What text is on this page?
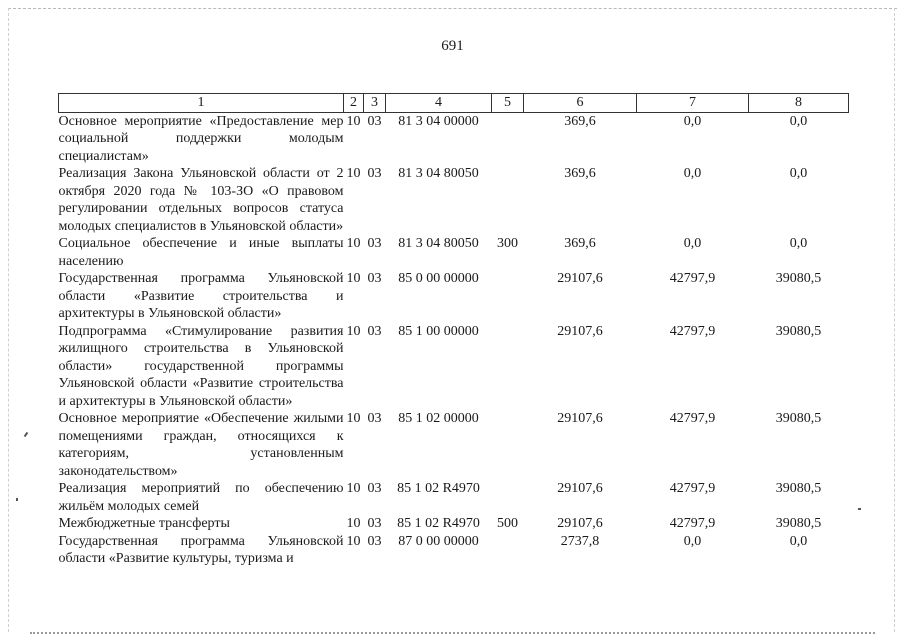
691
1	2	3	4	5	6	7	8
Основное мероприятие «Предоставление мер социальной поддержки молодым специалистам»	10	03	81 3 04 00000		369,6	0,0	0,0
Реализация Закона Ульяновской области от 2 октября 2020 года № 103-ЗО «О правовом регулировании отдельных вопросов статуса молодых специалистов в Ульяновской области»	10	03	81 3 04 80050		369,6	0,0	0,0
Социальное обеспечение и иные выплаты населению	10	03	81 3 04 80050	300	369,6	0,0	0,0
Государственная программа Ульяновской области «Развитие строительства и архитектуры в Ульяновской области»	10	03	85 0 00 00000		29107,6	42797,9	39080,5
Подпрограмма «Стимулирование развития жилищного строительства в Ульяновской области» государственной программы Ульяновской области «Развитие строительства и архитектуры в Ульяновской области»	10	03	85 1 00 00000		29107,6	42797,9	39080,5
Основное мероприятие «Обеспечение жилыми помещениями граждан, относящихся к категориям, установленным законодательством»	10	03	85 1 02 00000		29107,6	42797,9	39080,5
Реализация мероприятий по обеспечению жильём молодых семей	10	03	85 1 02 R4970		29107,6	42797,9	39080,5
Межбюджетные трансферты	10	03	85 1 02 R4970	500	29107,6	42797,9	39080,5
Государственная программа Ульяновской области «Развитие культуры, туризма и	10	03	87 0 00 00000		2737,8	0,0	0,0
